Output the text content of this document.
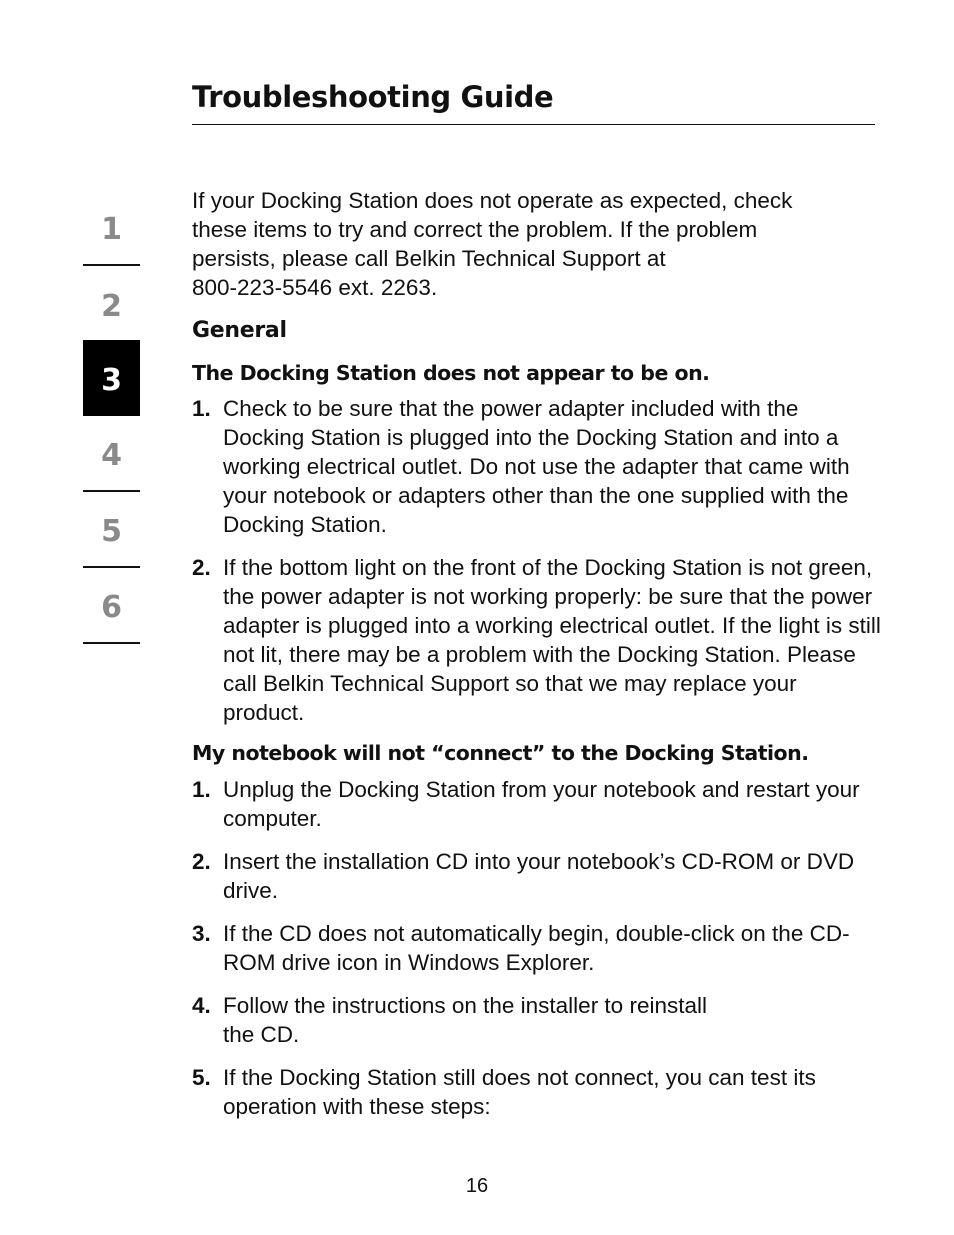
Troubleshooting Guide
1
2
3
4
5
6

If your Docking Station does not operate as expected, check
these items to try and correct the problem. If the problem
persists, please call Belkin Technical Support at
800-223-5546 ext. 2263.

General
The Docking Station does not appear to be on.
1. Check to be sure that the power adapter included with the Docking Station is plugged into the Docking Station and into a working electrical outlet. Do not use the adapter that came with your notebook or adapters other than the one supplied with the Docking Station.
2. If the bottom light on the front of the Docking Station is not green, the power adapter is not working properly: be sure that the power adapter is plugged into a working electrical outlet. If the light is still not lit, there may be a problem with the Docking Station. Please call Belkin Technical Support so that we may replace your product.
My notebook will not “connect” to the Docking Station.
1. Unplug the Docking Station from your notebook and restart your computer.
2. Insert the installation CD into your notebook’s CD-ROM or DVD drive.
3. If the CD does not automatically begin, double-click on the CD-ROM drive icon in Windows Explorer.
4. Follow the instructions on the installer to reinstall
the CD.
5. If the Docking Station still does not connect, you can test its operation with these steps:
16
